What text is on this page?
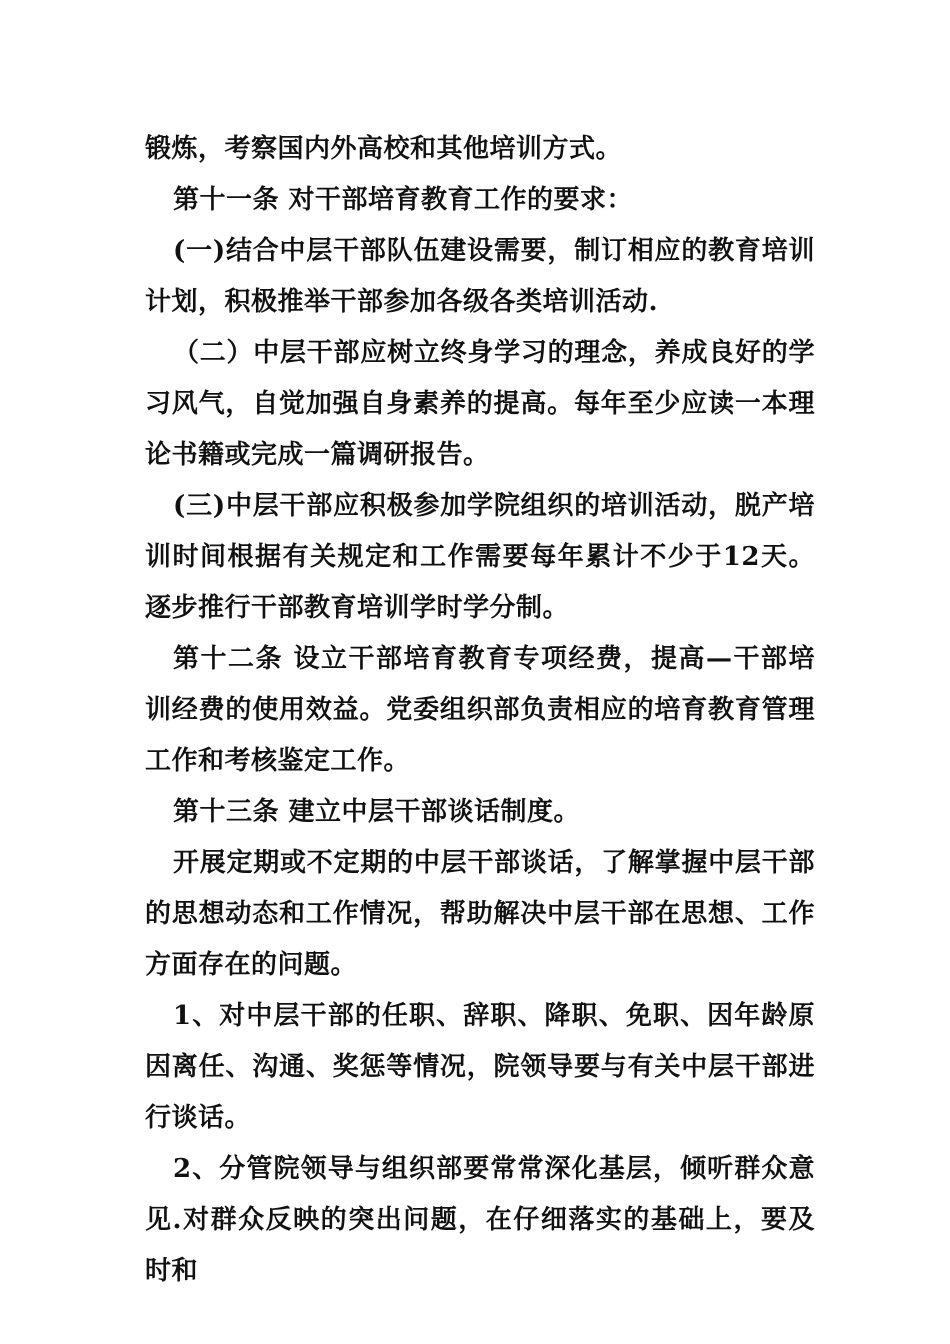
锻炼，考察国内外高校和其他培训方式。

第十一条 对干部培育教育工作的要求：

(一)结合中层干部队伍建设需要，制订相应的教育培训计划，积极推举干部参加各级各类培训活动.

（二）中层干部应树立终身学习的理念，养成良好的学习风气，自觉加强自身素养的提高。每年至少应读一本理论书籍或完成一篇调研报告。

(三)中层干部应积极参加学院组织的培训活动，脱产培训时间根据有关规定和工作需要每年累计不少于12天。逐步推行干部教育培训学时学分制。

第十二条 设立干部培育教育专项经费，提高—干部培训经费的使用效益。党委组织部负责相应的培育教育管理工作和考核鉴定工作。

第十三条 建立中层干部谈话制度。

开展定期或不定期的中层干部谈话，了解掌握中层干部的思想动态和工作情况，帮助解决中层干部在思想、工作方面存在的问题。

1、对中层干部的任职、辞职、降职、免职、因年龄原因离任、沟通、奖惩等情况，院领导要与有关中层干部进行谈话。

2、分管院领导与组织部要常常深化基层，倾听群众意见.对群众反映的突出问题，在仔细落实的基础上，要及时和
